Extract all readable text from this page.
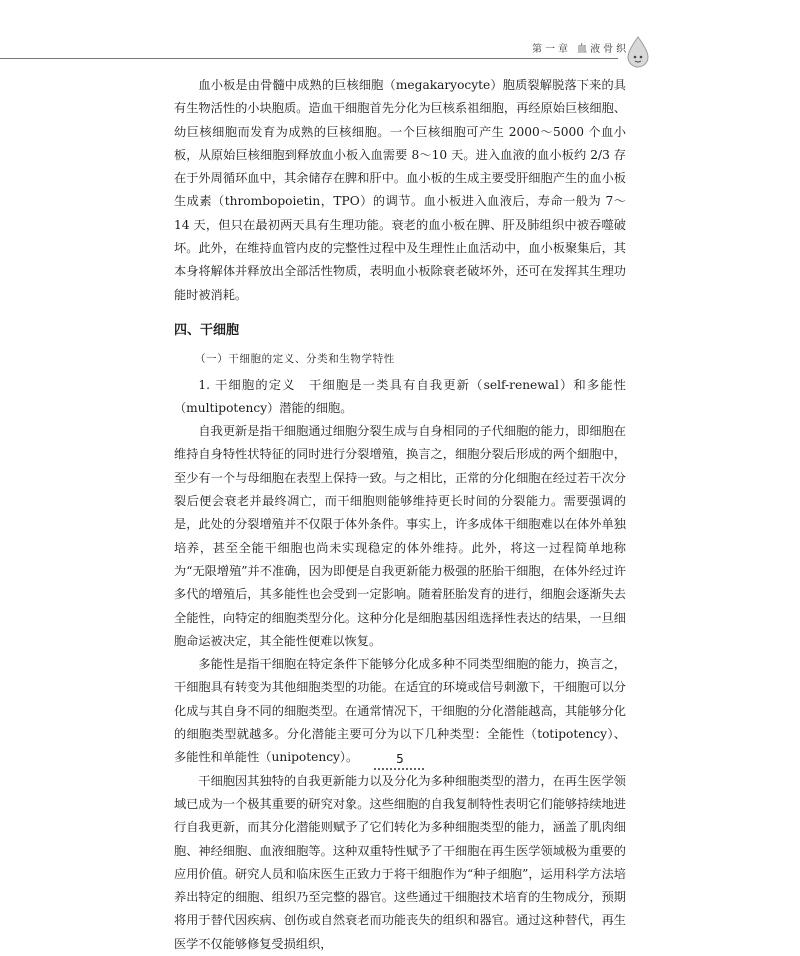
第一章 血液骨织

血小板是由骨髓中成熟的巨核细胞（megakaryocyte）胞质裂解脱落下来的具有生物活性的小块胞质。造血干细胞首先分化为巨核系祖细胞，再经原始巨核细胞、幼巨核细胞而发育为成熟的巨核细胞。一个巨核细胞可产生 2000～5000 个血小板，从原始巨核细胞到释放血小板入血需要 8～10 天。进入血液的血小板约 2/3 存在于外周循环血中，其余储存在脾和肝中。血小板的生成主要受肝细胞产生的血小板生成素（thrombopoietin，TPO）的调节。血小板进入血液后，寿命一般为 7～14 天，但只在最初两天具有生理功能。衰老的血小板在脾、肝及肺组织中被吞噬破坏。此外，在维持血管内皮的完整性过程中及生理性止血活动中，血小板聚集后，其本身将解体并释放出全部活性物质，表明血小板除衰老破坏外，还可在发挥其生理功能时被消耗。

四、干细胞

（一）干细胞的定义、分类和生物学特性

1. 干细胞的定义　干细胞是一类具有自我更新（self-renewal）和多能性（multipotency）潜能的细胞。

自我更新是指干细胞通过细胞分裂生成与自身相同的子代细胞的能力，即细胞在维持自身特性状特征的同时进行分裂增殖，换言之，细胞分裂后形成的两个細胞中，至少有一个与母细胞在表型上保持一致。与之相比，正常的分化细胞在经过若干次分裂后便会衰老并最终凋亡，而干细胞则能够维持更长时间的分裂能力。需要强调的是，此处的分裂增殖并不仅限于体外条件。事实上，许多成体干细胞难以在体外单独培养，甚至全能干细胞也尚未实现稳定的体外维持。此外，将这一过程简单地称为“无限增殖”并不准确，因为即便是自我更新能力极强的胚胎干细胞，在体外经过许多代的增殖后，其多能性也会受到一定影响。随着胚胎发育的进行，细胞会逐渐失去全能性，向特定的细胞类型分化。这种分化是细胞基因组选择性表达的结果，一旦细胞命运被决定，其全能性便难以恢复。

多能性是指干细胞在特定条件下能够分化成多种不同类型细胞的能力，换言之，干细胞具有转变为其他细胞类型的功能。在适宜的环境或信号刺激下，干细胞可以分化成与其自身不同的细胞类型。在通常情况下，干细胞的分化潜能越高，其能够分化的细胞类型就越多。分化潜能主要可分为以下几种类型：全能性（totipotency）、多能性和单能性（unipotency）。

干细胞因其独特的自我更新能力以及分化为多种细胞类型的潜力，在再生医学领域已成为一个极其重要的研究对象。这些细胞的自我复制特性表明它们能够持续地进行自我更新，而其分化潜能则赋予了它们转化为多种细胞类型的能力，涵盖了肌肉细胞、神经细胞、血液细胞等。这种双重特性赋予了干细胞在再生医学领域极为重要的应用价值。研究人员和临床医生正致力于将干细胞作为“种子细胞”，运用科学方法培养出特定的细胞、组织乃至完整的器官。这些通过干细胞技术培育的生物成分，预期将用于替代因疾病、创伤或自然衰老而功能丧失的组织和器官。通过这种替代，再生医学不仅能够修复受损组织，

5
